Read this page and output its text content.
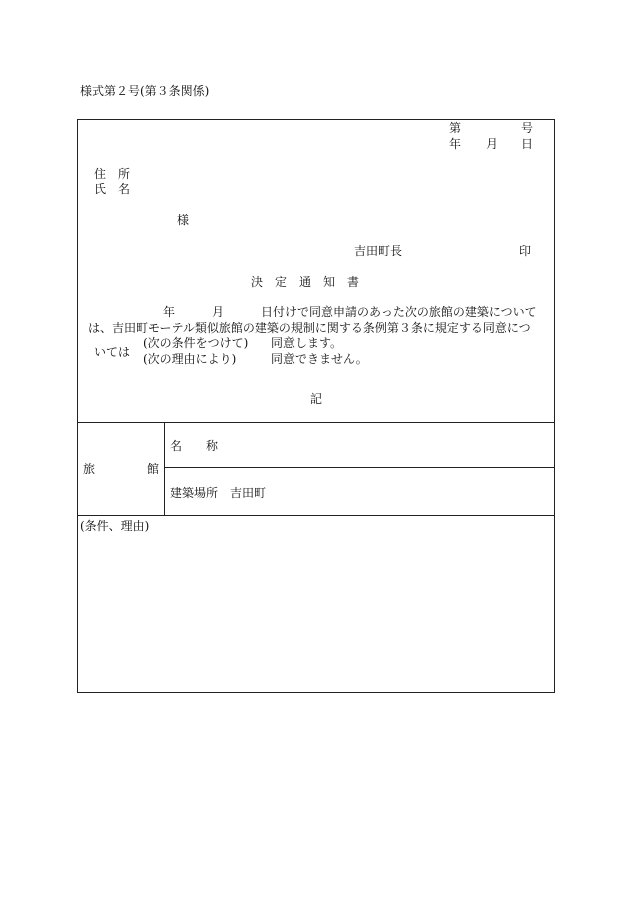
様式第２号(第３条関係)
第	号
年 月 日
住　所
氏　名
様
吉田町長	印
決　定　通　知　書
年	月	日付けで同意申請のあった次の旅館の建築について
は、吉田町モーテル類似旅館の建築の規制に関する条例第３条に規定する同意につ
(次の条件をつけて) 同意します。
いては (次の理由により)	同意できません。
記
旅	館
名　　称
建築場所 吉田町
(条件、理由)
